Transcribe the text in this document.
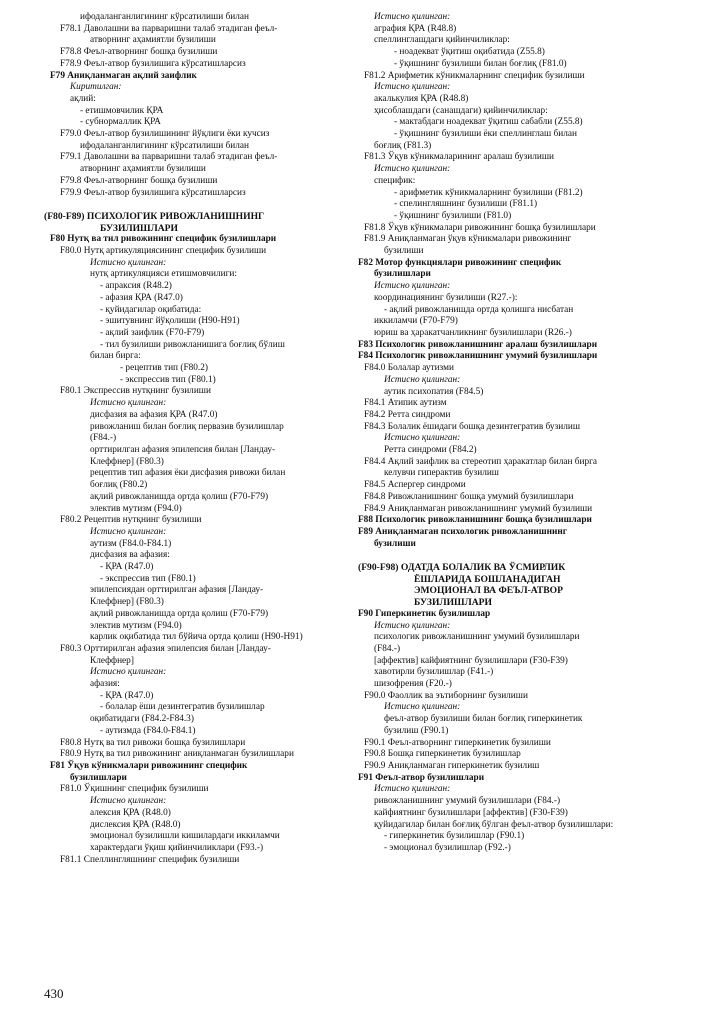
ифодаланганлигининг кўрсатилиши билан
F78.1 Даволашни ва парваришни талаб этадиган феъл-
атворнинг аҳамиятли бузилиши
F78.8 Феъл-атворнинг бошқа бузилиши
F78.9 Феъл-атвор бузилишига кўрсатишларсиз
F79 Аниқланмаган ақлий заифлик
Киритилган:
ақлий:
- етишмовчилик ҚРА
- субнормаллик ҚРА
F79.0 Феъл-атвор бузилишининг йўқлиги ёки кучсиз
ифодаланганлигининг кўрсатилиши билан
F79.1 Даволашни ва парваришни талаб этадиган феъл-
атворнинг аҳамиятли бузилиши
F79.8 Феъл-атворнинг бошқа бузилиши
F79.9 Феъл-атвор бузилишига кўрсатишларсиз
(F80-F89) ПСИХОЛОГИК РИВОЖЛАНИШНИНГ
БУЗИЛИШЛАРИ
F80 Нутқ ва тил ривожининг специфик бузилишлари
F80.0 Нутқ артикуляциясининг специфик бузилиши
Истисно қилинган:
нутқ артикуляцияси етишмовчилиги:
- апраксия (R48.2)
- афазия ҚРА (R47.0)
- қуйидагилар оқибатида:
- эшитувнинг йўқолиши (H90-H91)
- ақлий заифлик (F70-F79)
- тил бузилиши ривожланишига боғлиқ бўлиш
билан бирга:
- рецептив тип (F80.2)
- экспрессив тип (F80.1)
F80.1 Экспрессив нутқнинг бузилиши
Истисно қилинган:
дисфазия ва афазия ҚРА (R47.0)
ривожланиш билан боғлиқ первазив бузилишлар
(F84.-)
орттирилган афазия эпилепсия билан [Ландау-
Клеффнер] (F80.3)
рецептив тип афазия ёки дисфазия ривожи билан
боғлиқ (F80.2)
ақлий ривожланишда ортда қолиш (F70-F79)
электив мутизм (F94.0)
F80.2 Рецептив нутқнинг бузилиши
Истисно қилинган:
аутизм (F84.0-F84.1)
дисфазия ва афазия:
- ҚРА (R47.0)
- экспрессив тип (F80.1)
эпилепсиядан орттирилган афазия [Ландау-
Клеффнер] (F80.3)
ақлий ривожланишда ортда қолиш (F70-F79)
электив мутизм (F94.0)
карлик оқибатида тил бўйича ортда қолиш (H90-H91)
F80.3 Орттирилган афазия эпилепсия билан [Ландау-
Клеффнер]
Истисно қилинган:
афазия:
- ҚРА (R47.0)
- болалар ёши дезинтегратив бузилишлар
оқибатидаги (F84.2-F84.3)
- аутизмда (F84.0-F84.1)
F80.8 Нутқ ва тил ривожи бошқа бузилишлари
F80.9 Нутқ ва тил ривожининг аниқланмаган бузилишлари
F81 Ўқув кўникмалари ривожининг специфик
бузилишлари
F81.0 Ўқишнинг специфик бузилиши
Истисно қилинган:
алексия ҚРА (R48.0)
дислексия ҚРА (R48.0)
эмоционал бузилишли кишилардаги иккиламчи
характердаги ўқиш қийинчиликлари (F93.-)
F81.1 Спеллингляшнинг специфик бузилиши
Истисно қилинган:
аграфия ҚРА (R48.8)
спеллинглашдаги қийинчиликлар:
- ноадекват ўқитиш оқибатида (Z55.8)
- ўқишнинг бузилиши билан боғлиқ (F81.0)
F81.2 Арифметик кўникмаларнинг специфик бузилиши
Истисно қилинган:
акалькулия ҚРА (R48.8)
ҳисоблашдаги (санашдаги) қийинчиликлар:
- мактабдаги ноадекват ўқитиш сабабли (Z55.8)
- ўқишнинг бузилиши ёки спеллинглаш билан
боғлиқ (F81.3)
F81.3 Ўқув кўникмаларининг аралаш бузилиши
Истисно қилинган:
специфик:
- арифметик кўникмаларнинг бузилиши (F81.2)
- спелингляшнинг бузилиши (F81.1)
- ўқишнинг бузилиши (F81.0)
F81.8 Ўқув кўникмалари ривожининг бошқа бузилишлари
F81.9 Аниқланмаган ўқув кўникмалари ривожининг
бузилиши
F82 Мотор функциялари ривожининг специфик
бузилишлари
Истисно қилинган:
координациянинг бузилиши (R27.-):
- ақлий ривожланишда ортда қолишга нисбатан
иккиламчи (F70-F79)
юриш ва ҳаракатчанликнинг бузилишлари (R26.-)
F83 Психологик ривожланишнинг аралаш бузилишлари
F84 Психологик ривожланишнинг умумий бузилишлари
F84.0 Болалар аутизми
Истисно қилинган:
аутик психопатия (F84.5)
F84.1 Атипик аутизм
F84.2 Ретта синдроми
F84.3 Болалик ёшидаги бошқа дезинтегратив бузилиш
Истисно қилинган:
Ретта синдроми (F84.2)
F84.4 Ақлий заифлик ва стереотип ҳаракатлар билан бирга
келувчи гиперактив бузилиш
F84.5 Аспергер синдроми
F84.8 Ривожланишнинг бошқа умумий бузилишлари
F84.9 Аниқланмаган ривожланишнинг умумий бузилиши
F88 Психологик ривожланишнинг бошқа бузилишлари
F89 Аниқланмаган психологик ривожланишнинг
бузилиши
(F90-F98) ОДАТДА БОЛАЛИК ВА ЎСМИРЛИК
ЁШЛАРИДА БОШЛАНАДИГАН
ЭМОЦИОНАЛ ВА ФЕЪЛ-АТВОР
БУЗИЛИШЛАРИ
F90 Гиперкинетик бузилишлар
Истисно қилинган:
психологик ривожланишнинг умумий бузилишлари
(F84.-)
[аффектив] кайфиятнинг бузилишлари (F30-F39)
хавотирли бузилишлар (F41.-)
шизофрения (F20.-)
F90.0 Фаоллик ва эътиборнинг бузилиши
Истисно қилинган:
феъл-атвор бузилиши билан боғлиқ гиперкинетик
бузилиш (F90.1)
F90.1 Феъл-атворнинг гиперкинетик бузилиши
F90.8 Бошқа гиперкинетик бузилишлар
F90.9 Аниқланмаган гиперкинетик бузилиш
F91 Феъл-атвор бузилишлари
Истисно қилинган:
ривожланишнинг умумий бузилишлари (F84.-)
кайфиятнинг бузилишлари [аффектив] (F30-F39)
қуйидагилар билан боғлиқ бўлган феъл-атвор бузилишлари:
- гиперкинетик бузилишлар (F90.1)
- эмоционал бузилишлар (F92.-)
430
